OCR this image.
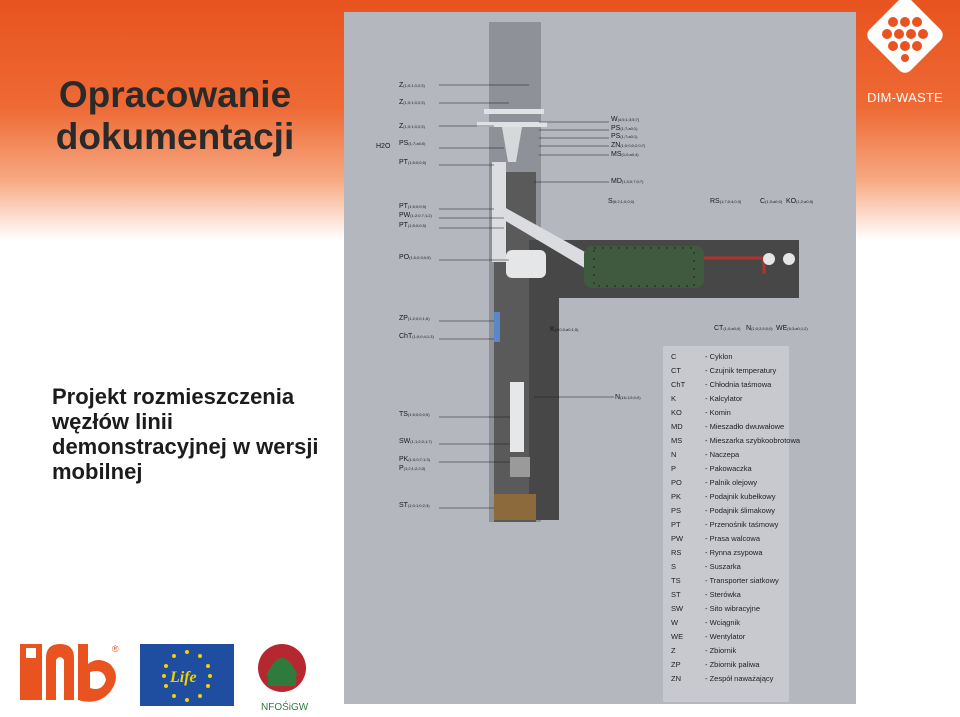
Opracowanie
dokumentacji
Projekt rozmieszczenia węzłów linii demonstracyjnej w wersji mobilnej
DIM-WASTE
Z(1;0;1;0;2;3)
Z(1;0;1;0;2;3)
Z(1;0;1;0;2;3)
H2O PS(1;7;a0;0)
PT(1;5;0;0;5)
PT(1;5;0;0;5)
PW(1;2;0;7;1;2)
PT(1;5;0;0;5)
PO(1;0;0;3;0;5)
ZP(1;2;0;0;1;6)
ChT(1;0;0;4;1;3)
TS(1;5;0;0;0;5)
SW(1;1;2;0;1;7)
PK(1;0;0;7;1;3)
P(1;2;1;2;2;3)
ST(1;0;1;0;2;3)
W(4;5;1;3;5;7)
PS(1;7;a0;1)
PS(1;7;a0;1)
ZN(1;0;0;0;2;0;7)
MS(1;0;a0;4)
MD(1;3;0;7;0;7)
S(6;2;1;0;0;0)	RS(1;7;0;4;0;3)	C(1;3;a0;0) KO(1;2;a0;5)
K(4;0;3;a0;1;5)	CT(1;0;a0;4) N(1;0;2;5;0;0) WE(6;3;a0;1;2)
N(16;1;5;0;0)
C	- Cyklon
CT	- Czujnik temperatury
ChT	- Chłodnia taśmowa
K	- Kalcylator
KO	- Komin
MD	- Mieszadło dwuwałowe
MS	- Mieszarka szybkoobrotowa
N	- Naczepa
P	- Pakowaczka
PO	- Palnik olejowy
PK	- Podajnik kubełkowy
PS	- Podajnik ślimakowy
PT	- Przenośnik taśmowy
PW	- Prasa walcowa
RS	- Rynna zsypowa
S	- Suszarka
TS	- Transporter siatkowy
ST	- Sterówka
SW	- Sito wibracyjne
W	- Wciągnik
WE	- Wentylator
Z	- Zbiornik
ZP	- Zbiornik paliwa
ZN	- Zespół naważający
®
Life
NFOŚiGW
